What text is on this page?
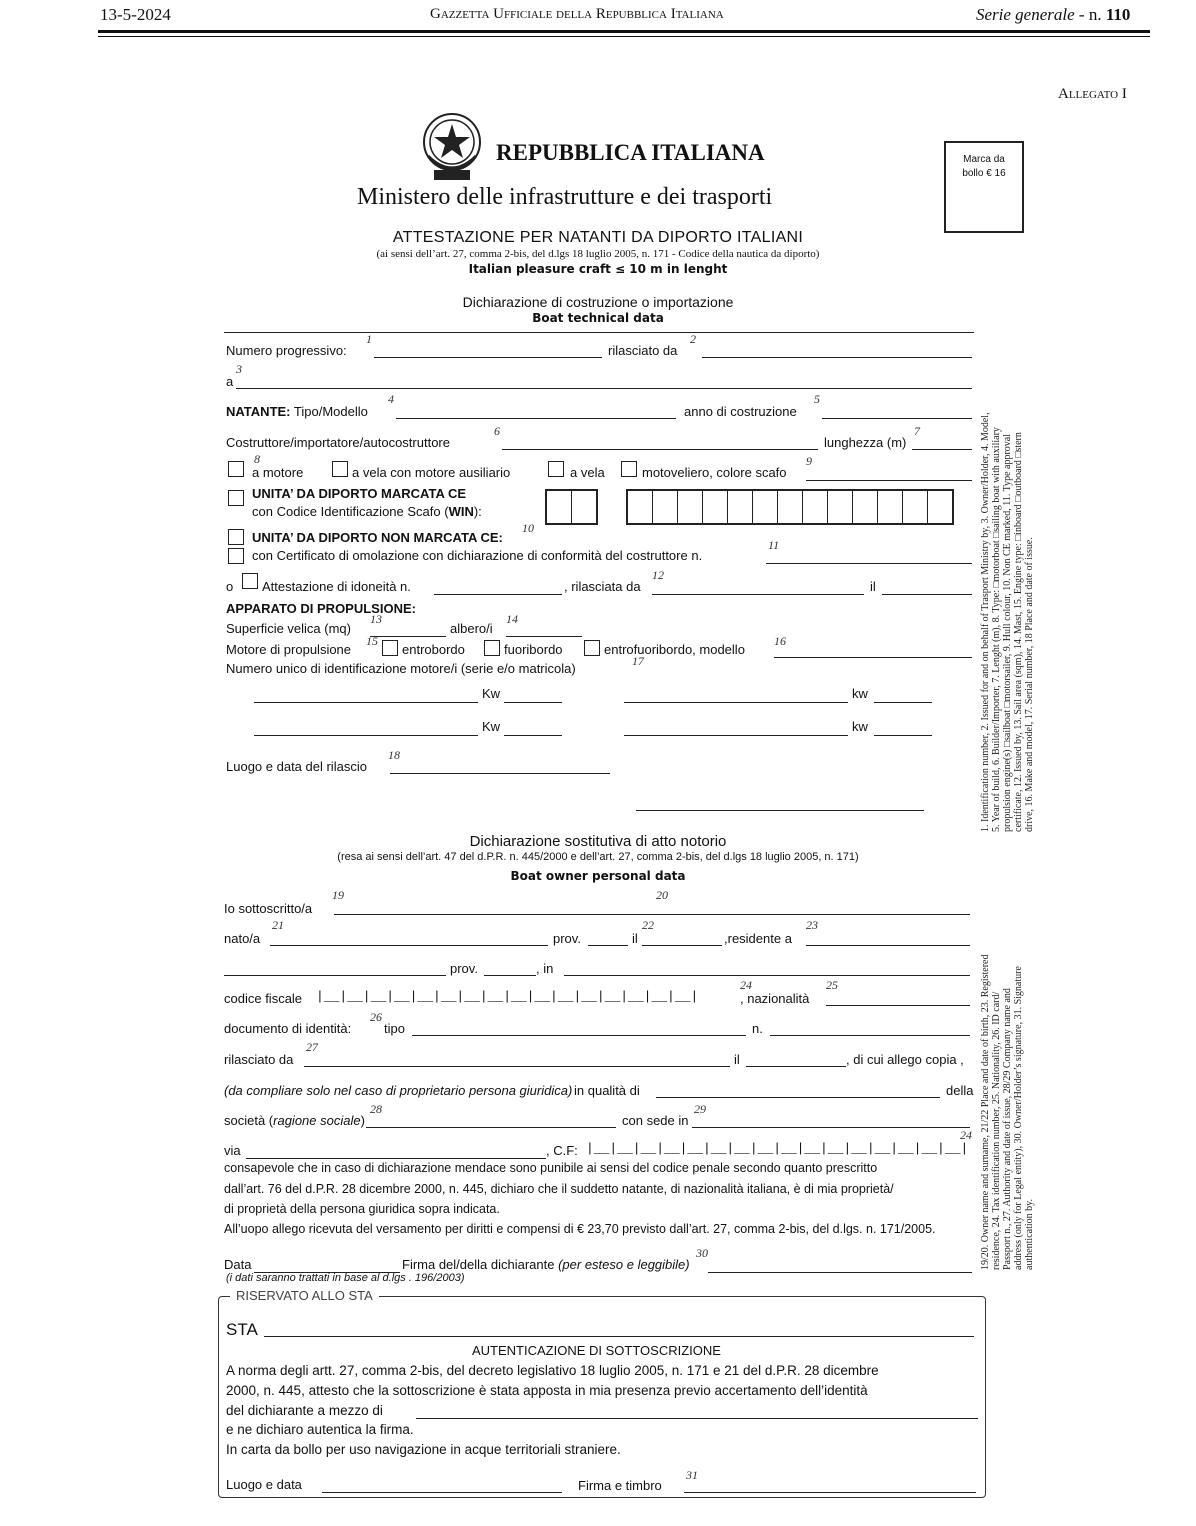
13-5-2024	Gazzetta Ufficiale della Repubblica Italiana	Serie generale - n. 110
Allegato I
REPUBBLICA ITALIANA
Ministero delle infrastrutture e dei trasporti
Marca da
bollo € 16
ATTESTAZIONE PER NATANTI DA DIPORTO ITALIANI
(ai sensi dell’art. 27, comma 2-bis, del d.lgs 18 luglio 2005, n. 171 - Codice della nautica da diporto)
Italian pleasure craft ≤ 10 m in lenght
Dichiarazione di costruzione o importazione
Boat technical data
Numero progressivo:
1
rilasciato da
2
3
a
NATANTE: Tipo/Modello
4
anno di costruzione
5
Costruttore/importatore/autocostruttore
6
lunghezza (m)
7
8
a motore	a vela con motore ausiliario	a vela	motoveliero, colore scafo
9
UNITA’ DA DIPORTO MARCATA CE
con Codice Identificazione Scafo (WIN):
UNITA’ DA DIPORTO NON MARCATA CE:
10
con Certificato di omolazione con dichiarazione di conformità del costruttore n.
11
o Attestazione di idoneità n.	, rilasciata da
12
il
APPARATO DI PROPULSIONE:
Superficie velica (mq)
13
albero/i
14
Motore di propulsione
15
entrobordo	fuoribordo	entrofuoribordo, modello
16
Numero unico di identificazione motore/i (serie e/o matricola)	17
Kw	kw
Kw	kw
Luogo e data del rilascio
18	1. Identification number, 2. Issued for and on behalf of Trasport Ministry by, 3. Owner/Holder, 4. Model, 5. Year of build, 6. Builder/Importer, 7. Lenght (m), 8. Type: □motorboat □sailing boat with auxiliary propulsion engine(s) □sailboat □motorsailer, 9. Hull colour, 10. Non CE marked, 11. Type approval certificate, 12. Issued by, 13. Sail area (sqm), 14. Mast, 15. Engine type: □inboard □outboard □stern drive, 16. Make and model, 17. Serial number, 18 Place and date of issue.
Dichiarazione sostitutiva di atto notorio
(resa ai sensi dell’art. 47 del d.P.R. n. 445/2000 e dell’art. 27, comma 2-bis, del d.lgs 18 luglio 2005, n. 171)
Boat owner personal data
20
Io sottoscritto/a
19
nato/a
21
prov.	il
22
,residente a
23
prov.	, in
codice fiscale |__|__|__|__|__|__|__|__|__|__|__|__|__|__|__|__|
24
, nazionalità
25
documento di identità:
26
tipo	n.
rilasciato da
27
il	, di cui allego copia ,
(da compliare solo nel caso di proprietario persona giuridica) in qualità di	della
società (ragione sociale)
28
con sede in
29
24
via	, C.F: |__|__|__|__|__|__|__|__|__|__|__|__|__|__|__|__|
consapevole che in caso di dichiarazione mendace sono punibile ai sensi del codice penale secondo quanto prescritto
dall’art. 76 del d.P.R. 28 dicembre 2000, n. 445, dichiaro che il suddetto natante, di nazionalità italiana, è di mia proprietà/
di proprietà della persona giuridica sopra indicata.
All’uopo allego ricevuta del versamento per diritti e compensi di € 23,70 previsto dall’art. 27, comma 2-bis, del d.lgs. n. 171/2005.
Data	Firma del/della dichiarante (per esteso e leggibile)
30
(i dati saranno trattati in base al d.lgs . 196/2003)
19/20. Owner name and surname, 21/22 Place and date of birth, 23. Registered residence, 24. Tax identification number, 25. Nationality, 26. ID card/ Passport n., 27. Authority and date of issue, 28/29 Company name and address (only for Legal entity), 30. Owner/Holder’s signature, 31. Signature authentication by.
RISERVATO ALLO STA
STA
AUTENTICAZIONE DI SOTTOSCRIZIONE
A norma degli artt. 27, comma 2-bis, del decreto legislativo 18 luglio 2005, n. 171 e 21 del d.P.R. 28 dicembre
2000, n. 445, attesto che la sottoscrizione è stata apposta in mia presenza previo accertamento dell’identità
del dichiarante a mezzo di
e ne dichiaro autentica la firma.
In carta da bollo per uso navigazione in acque territoriali straniere.
Luogo e data	Firma e timbro
31
